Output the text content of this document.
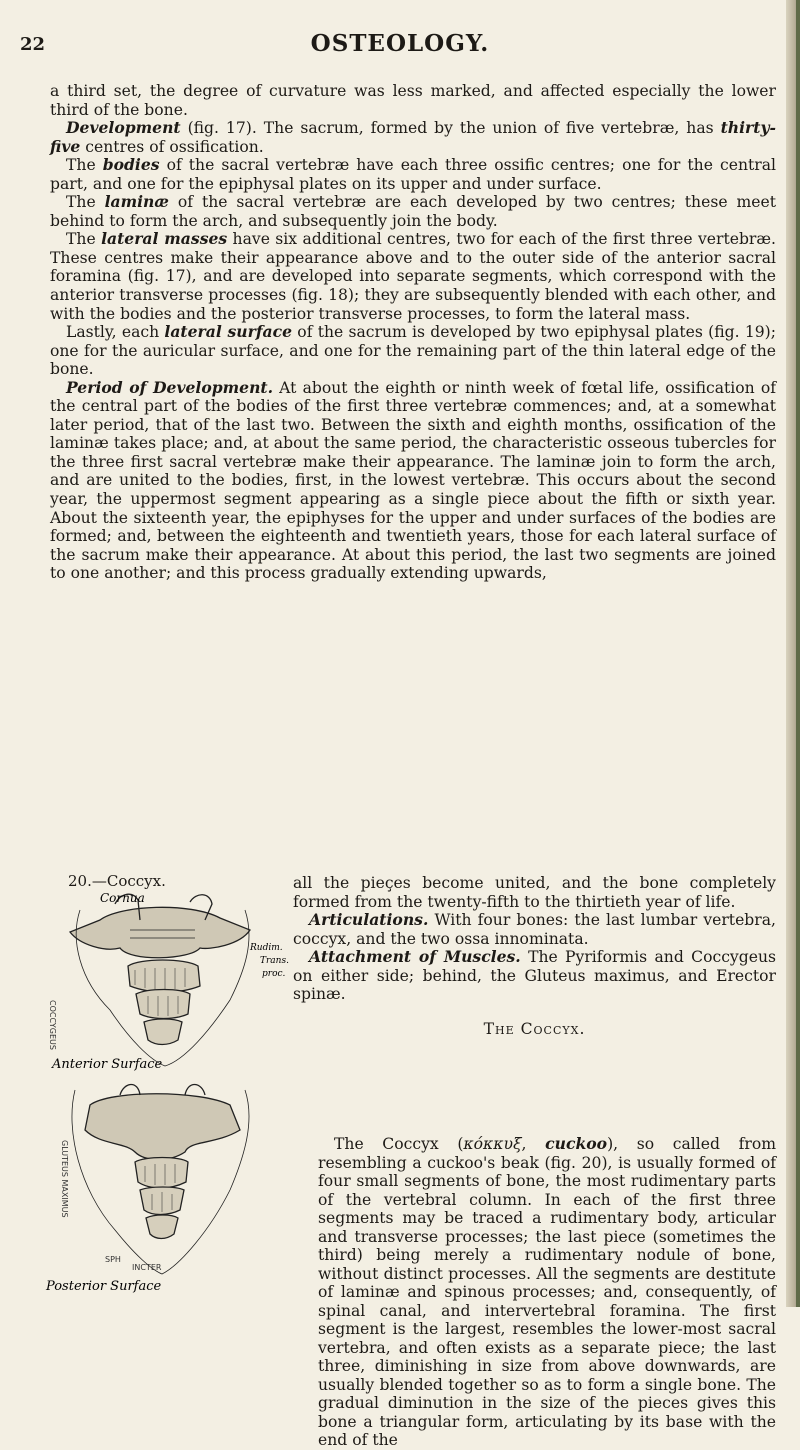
22	OSTEOLOGY.

a third set, the degree of curvature was less marked, and affected especially the lower third of the bone.

Development (fig. 17). The sacrum, formed by the union of five vertebræ, has thirty-five centres of ossification.

The bodies of the sacral vertebræ have each three ossific centres; one for the central part, and one for the epiphysal plates on its upper and under surface.

The laminæ of the sacral vertebræ are each developed by two centres; these meet behind to form the arch, and subsequently join the body.

The lateral masses have six additional centres, two for each of the first three vertebræ. These centres make their appearance above and to the outer side of the anterior sacral foramina (fig. 17), and are developed into separate segments, which correspond with the anterior transverse processes (fig. 18); they are subsequently blended with each other, and with the bodies and the posterior transverse processes, to form the lateral mass.

Lastly, each lateral surface of the sacrum is developed by two epiphysal plates (fig. 19); one for the auricular surface, and one for the remaining part of the thin lateral edge of the bone.

Period of Development. At about the eighth or ninth week of fœtal life, ossification of the central part of the bodies of the first three vertebræ commences; and, at a somewhat later period, that of the last two. Between the sixth and eighth months, ossification of the laminæ takes place; and, at about the same period, the characteristic osseous tubercles for the three first sacral vertebræ make their appearance. The laminæ join to form the arch, and are united to the bodies, first, in the lowest vertebræ. This occurs about the second year, the uppermost segment appearing as a single piece about the fifth or sixth year. About the sixteenth year, the epiphyses for the upper and under surfaces of the bodies are formed; and, between the eighteenth and twentieth years, those for each lateral surface of the sacrum make their appearance. At about this period, the last two segments are joined to one another; and this process gradually extending upwards,

20.—Coccyx.	all the pieçes become united, and the bone completely formed from the twenty-fifth to the thirtieth year of life.

Articulations. With four bones: the last lumbar vertebra, coccyx, and the two ossa innominata.

Attachment of Muscles. The Pyriformis and Coccygeus on either side; behind, the Gluteus maximus, and Erector spinæ.

The Coccyx.

The Coccyx (κόκκυξ, cuckoo), so called from resembling a cuckoo's beak (fig. 20), is usually formed of four small segments of bone, the most rudimentary parts of the vertebral column. In each of the first three segments may be traced a rudimentary body, articular and transverse processes; the last piece (sometimes the third) being merely a rudimentary nodule of bone, without distinct processes. All the segments are destitute of laminæ and spinous processes; and, consequently, of spinal canal, and intervertebral foramina. The first segment is the largest, resembles the lower-most sacral vertebra, and often exists as a separate piece; the last three, diminishing in size from above downwards, are usually blended together so as to form a single bone. The gradual diminution in the size of the pieces gives this bone a triangular form, articulating by its base with the end of the

Cornua
Rudim.
Trans.
proc.
Anterior Surface
Posterior Surface
COCCYGEUS
GLUTEUS MAXIMUS
SPH
INCTER
